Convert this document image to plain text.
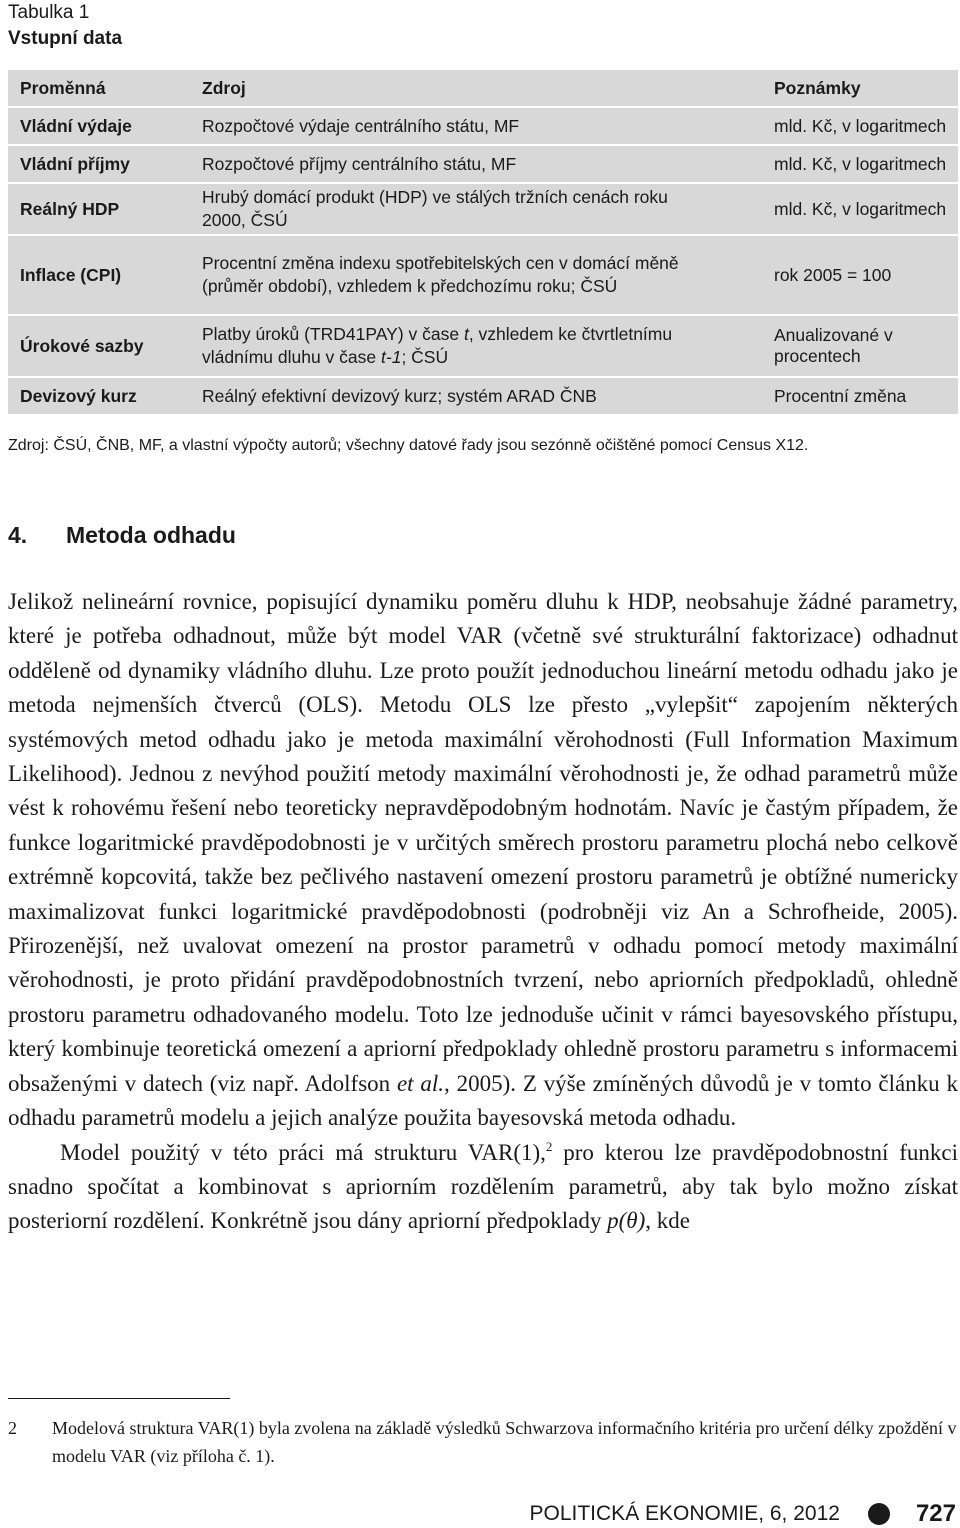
Tabulka 1
Vstupní data
Proměnná	Zdroj	Poznámky
Vládní výdaje	Rozpočtové výdaje centrálního státu, MF	mld. Kč, v logaritmech
Vládní příjmy	Rozpočtové příjmy centrálního státu, MF	mld. Kč, v logaritmech
Reálný HDP	Hrubý domácí produkt (HDP) ve stálých tržních cenách roku 2000, ČSÚ	mld. Kč, v logaritmech
Inflace (CPI)	Procentní změna indexu spotřebitelských cen v domácí měně (průměr období), vzhledem k předchozímu roku; ČSÚ	rok 2005 = 100
Úrokové sazby	Platby úroků (TRD41PAY) v čase t, vzhledem ke čtvrtletnímu vládnímu dluhu v čase t-1; ČSÚ	Anualizované v procentech
Devizový kurz	Reálný efektivní devizový kurz; systém ARAD ČNB	Procentní změna
Zdroj: ČSÚ, ČNB, MF, a vlastní výpočty autorů; všechny datové řady jsou sezónně očištěné pomocí Census X12.
4. Metoda odhadu

Jelikož nelineární rovnice, popisující dynamiku poměru dluhu k HDP, neobsahuje žádné parametry, které je potřeba odhadnout, může být model VAR (včetně své strukturální faktorizace) odhadnut odděleně od dynamiky vládního dluhu. Lze proto použít jednoduchou lineární metodu odhadu jako je metoda nejmenších čtverců (OLS). Metodu OLS lze přesto „vylepšit“ zapojením některých systémových metod odhadu jako je metoda maximální věrohodnosti (Full Information Maximum Likelihood). Jednou z nevýhod použití metody maximální věrohodnosti je, že odhad parametrů může vést k rohovému řešení nebo teoreticky nepravděpodobným hodnotám. Navíc je častým případem, že funkce logaritmické pravděpodobnosti je v určitých směrech prostoru parametru plochá nebo celkově extrémně kopcovitá, takže bez pečlivého nastavení omezení prostoru parametrů je obtížné numericky maximalizovat funkci logaritmické pravděpodobnosti (podrobněji viz An a Schrofheide, 2005). Přirozenější, než uvalovat omezení na prostor parametrů v odhadu pomocí metody maximální věrohodnosti, je proto přidání pravděpodobnostních tvrzení, nebo apriorních předpokladů, ohledně prostoru parametru odhadovaného modelu. Toto lze jednoduše učinit v rámci bayesovského přístupu, který kombinuje teoretická omezení a apriorní předpoklady ohledně prostoru parametru s informacemi obsaženými v datech (viz např. Adolfson et al., 2005). Z výše zmíněných důvodů je v tomto článku k odhadu parametrů modelu a jejich analýze použita bayesovská metoda odhadu.

Model použitý v této práci má strukturu VAR(1),$^2$ pro kterou lze pravděpodobnostní funkci snadno spočítat a kombinovat s apriorním rozdělením parametrů, aby tak bylo možno získat posteriorní rozdělení. Konkrétně jsou dány apriorní předpoklady p(θ), kde

2 Modelová struktura VAR(1) byla zvolena na základě výsledků Schwarzova informačního kritéria pro určení délky zpoždění v modelu VAR (viz příloha č. 1).
POLITICKÁ EKONOMIE, 6, 2012	727
